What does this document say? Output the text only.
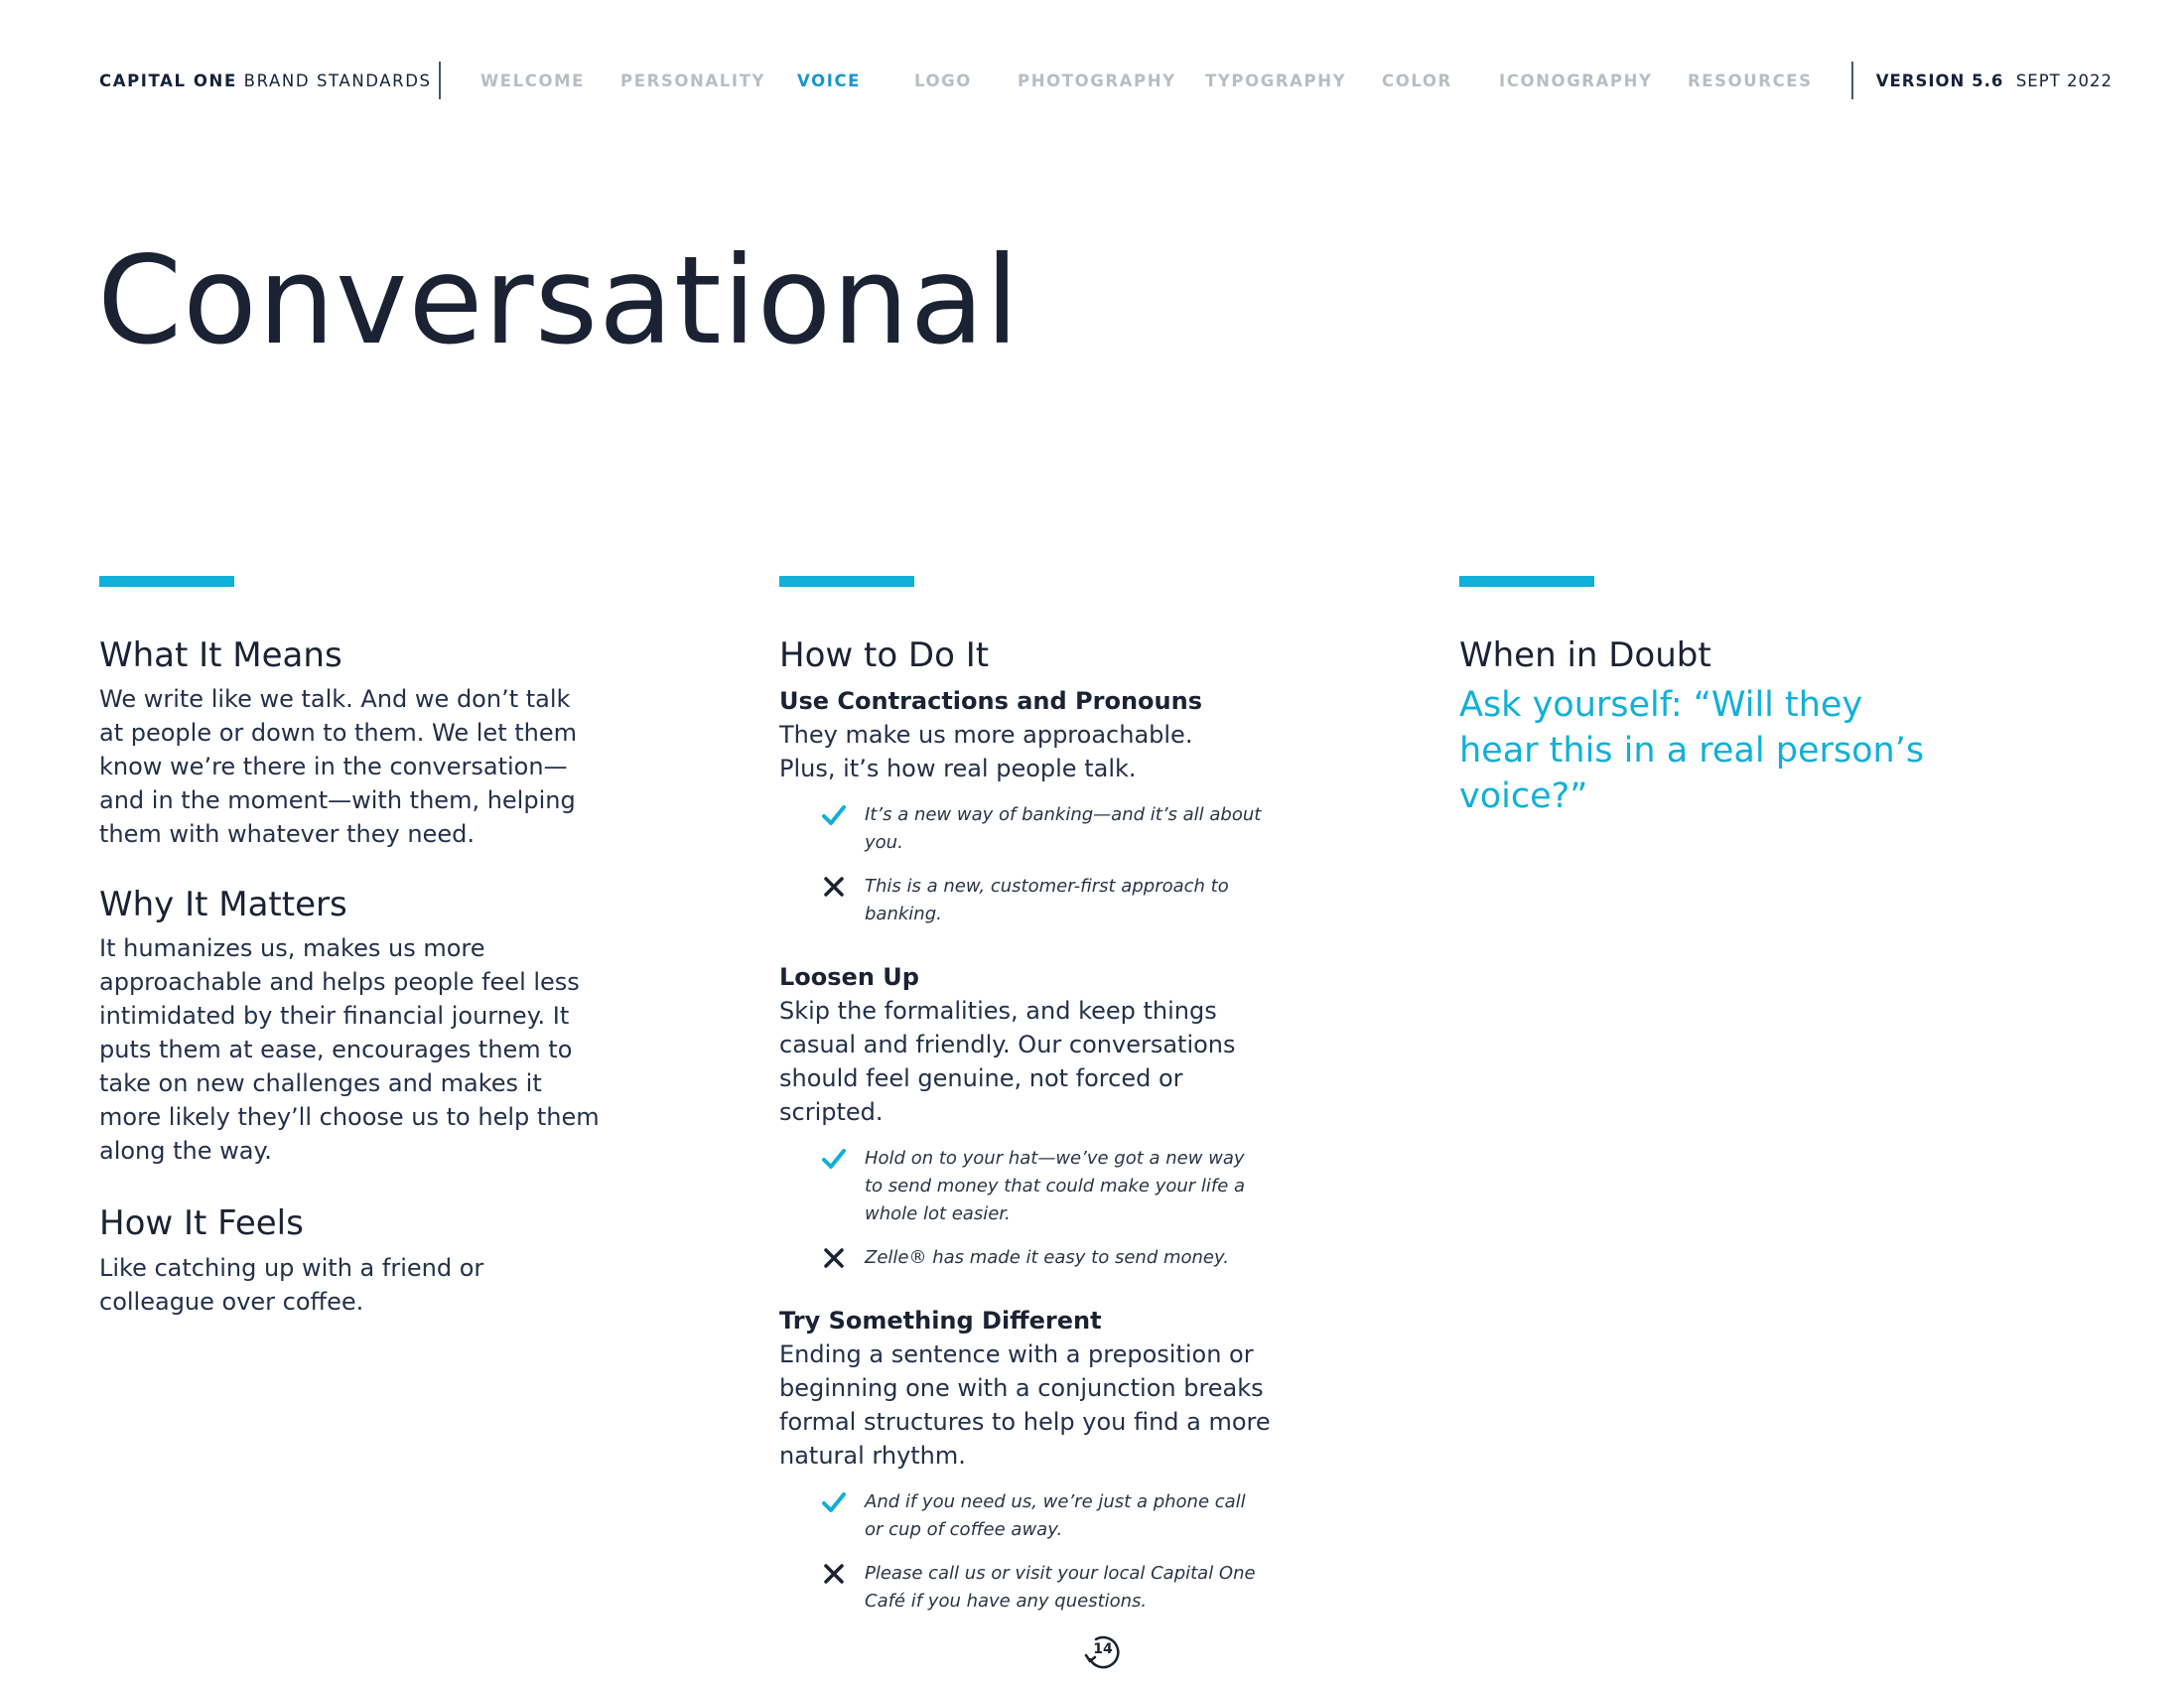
CAPITAL ONE BRAND STANDARDS	WELCOME PERSONALITY VOICE	LOGO	PHOTOGRAPHY TYPOGRAPHY COLOR	ICONOGRAPHY RESOURCES	VERSION 5.6  SEPT 2022
Conversational
What It Means

We write like we talk. And we don’t talk at people or down to them. We let them know we’re there in the conversation—and in the moment—with them, helping them with whatever they need.

Why It Matters

It humanizes us, makes us more approachable and helps people feel less intimidated by their financial journey. It puts them at ease, encourages them to take on new challenges and makes it more likely they’ll choose us to help them along the way.

How It Feels

Like catching up with a friend or colleague over coffee.

How to Do It
Use Contractions and Pronouns

They make us more approachable. Plus, it’s how real people talk.

It’s a new way of banking—and it’s all about you.
This is a new, customer-first approach to banking.
Loosen Up

Skip the formalities, and keep things casual and friendly. Our conversations should feel genuine, not forced or scripted.

Hold on to your hat—we’ve got a new way to send money that could make your life a whole lot easier.
Zelle® has made it easy to send money.
Try Something Different

Ending a sentence with a preposition or beginning one with a conjunction breaks formal structures to help you find a more natural rhythm.

And if you need us, we’re just a phone call or cup of coffee away.
Please call us or visit your local Capital One Café if you have any questions.
When in Doubt

Ask yourself: “Will they hear this in a real person’s voice?”

14
